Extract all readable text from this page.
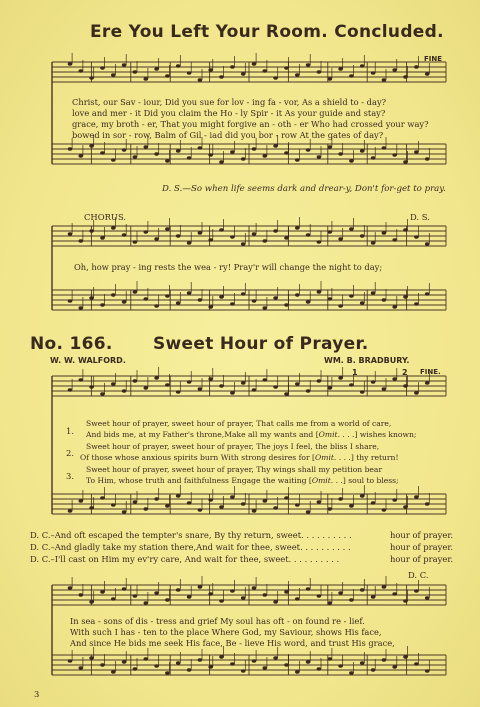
Ere You Left Your Room. Concluded.
FINE
Christ, our Sav - iour, Did you sue for lov - ing fa - vor, As a shield to - day?
love and mer - it Did you claim the Ho - ly Spir - it As your guide and stay?
grace, my broth - er, That you might forgive an - oth - er Who had crossed your way?
bowed in sor - row, Balm of Gil - iad did you bor - row At the gates of day?
D. S.—So when life seems dark and drear-y, Don't for-get to pray.
CHORUS.	D. S.
Oh, how pray - ing rests the wea - ry! Pray'r will change the night to day;
No. 166. Sweet Hour of Prayer.
W. W. WALFORD.	WM. B. BRADBURY.
1	2 FINE.
1.
Sweet hour of prayer, sweet hour of prayer, That calls me from a world of care,
And bids me, at my Father's throne,Make all my wants and [Omit. . . .] wishes known;
2.
Sweet hour of prayer, sweet hour of prayer, The joys I feel, the bliss I share,
Of those whose anxious spirits burn With strong desires for [Omit. . . .] thy return!
3.
Sweet hour of prayer, sweet hour of prayer, Thy wings shall my petition bear
To Him, whose truth and faithfulness Engage the waiting [Omit. . .] soul to bless;
D. C.–And oft escaped the tempter's snare, By thy return, sweet. . . . . . . . . .	hour of prayer.
D. C.–And gladly take my station there,And wait for thee, sweet. . . . . . . . . .	hour of prayer.
D. C.–I'll cast on Him my ev'ry care, And wait for thee, sweet. . . . . . . . . .	hour of prayer.
D. C.
In sea - sons of dis - tress and grief My soul has oft - on found re - lief.
With such I has - ten to the place Where God, my Saviour, shows His face,
And since He bids me seek His face, Be - lieve His word, and trust His grace,
3
